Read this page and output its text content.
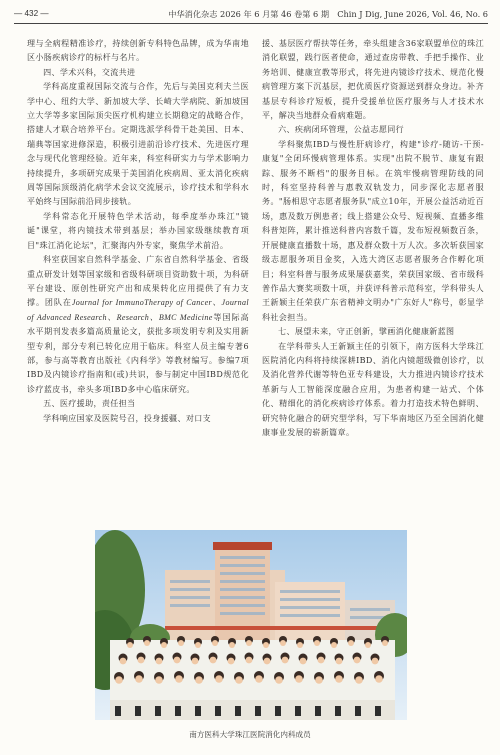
— 432 —	中华消化杂志 2026 年 6 月第 46 卷第 6 期　Chin J Dig, June 2026, Vol. 46, No. 6

理与全病程精准诊疗，持续创新专科特色品牌，成为华南地区小肠疾病诊疗的标杆与名片。

四、学术兴科，交流共进

学科高度重视国际交流与合作，先后与美国克利夫兰医学中心、纽约大学、新加坡大学、长崎大学病院、新加坡国立大学等多家国际顶尖医疗机构建立长期稳定的战略合作，搭建人才联合培养平台。定期选派学科骨干赴美国、日本、瑞典等国家进修深造，积极引进前沿诊疗技术、先进医疗理念与现代化管理经验。近年来，科室科研实力与学术影响力持续提升，多项研究成果于美国消化疾病周、亚太消化疾病周等国际顶级消化病学术会议交流展示，诊疗技术和学科水平始终与国际前沿同步接轨。

学科常态化开展特色学术活动，每季度举办珠江"镜诞"课堂，将内镜技术带到基层；举办国家级继续教育项目"珠江消化论坛"，汇聚海内外专家，聚焦学术前沿。

科室获国家自然科学基金、广东省自然科学基金、省级重点研发计划等国家级和省级科研项目资助数十项，为科研平台建设、原创性研究产出和成果转化应用提供了有力支撑。团队在Journal for ImmunoTherapy of Cancer、Journal of Advanced Research、Research、BMC Medicine等国际高水平期刊发表多篇高质量论文，获批多项发明专利及实用新型专利，部分专利已转化应用于临床。科室人员主编专著6部，参与高等教育出版社《内科学》等教材编写。参编7项IBD及内镜诊疗指南和(或)共识，参与制定中国IBD规范化诊疗蓝皮书，牵头多项IBD多中心临床研究。

五、医疗援助，责任担当

学科响应国家及医院号召，投身援疆、对口支

援、基层医疗帮扶等任务，牵头组建含36家联盟单位的珠江消化联盟，践行医者使命，通过查房带教、手把手操作、业务培训、健康宣教等形式，将先进内镜诊疗技术、规范化慢病管理方案下沉基层，把优质医疗资源送到群众身边。补齐基层专科诊疗短板，提升受援单位医疗服务与人才技术水平，解决当地群众看病难题。

六、疾病闭环管理，公益志愿同行

学科聚焦IBD与慢性肝病诊疗，构建"诊疗-随访-干预-康复"全闭环慢病管理体系。实现"出院不脱节、康复有跟踪、服务不断档"的服务目标。在筑牢慢病管理防线的同时，科室坚持科普与惠教双轨发力，同步深化志愿者服务。"肠相思守志愿者服务队"成立10年，开展公益活动近百场，惠及数万例患者；线上搭建公众号、短视频、直播多维科普矩阵，累计推送科普内容数千篇，发布短视频数百条，开展健康直播数十场，惠及群众数十万人次。多次斩获国家级志愿服务项目金奖，入选大湾区志愿者服务合作孵化项目；科室科普与服务成果屡获嘉奖，荣获国家级、省市级科普作品大赛奖项数十项，并获评科普示范科室，学科带头人王新颖主任荣获广东省精神文明办"广东好人"称号，彰显学科社会担当。

七、展望未来，守正创新，擘画消化健康新蓝图

在学科带头人王新颖主任的引领下，南方医科大学珠江医院消化内科将持续深耕IBD、消化内镜超级微创诊疗，以及消化营养代谢等特色亚专科建设，大力推进内镜诊疗技术革新与人工智能深度融合应用，为患者构建一站式、个体化、精细化的消化疾病诊疗体系。着力打造技术特色鲜明、研究特化融合的研究型学科，写下华南地区乃至全国消化健康事业发展的崭新篇章。

南方医科大学珠江医院消化内科成员
